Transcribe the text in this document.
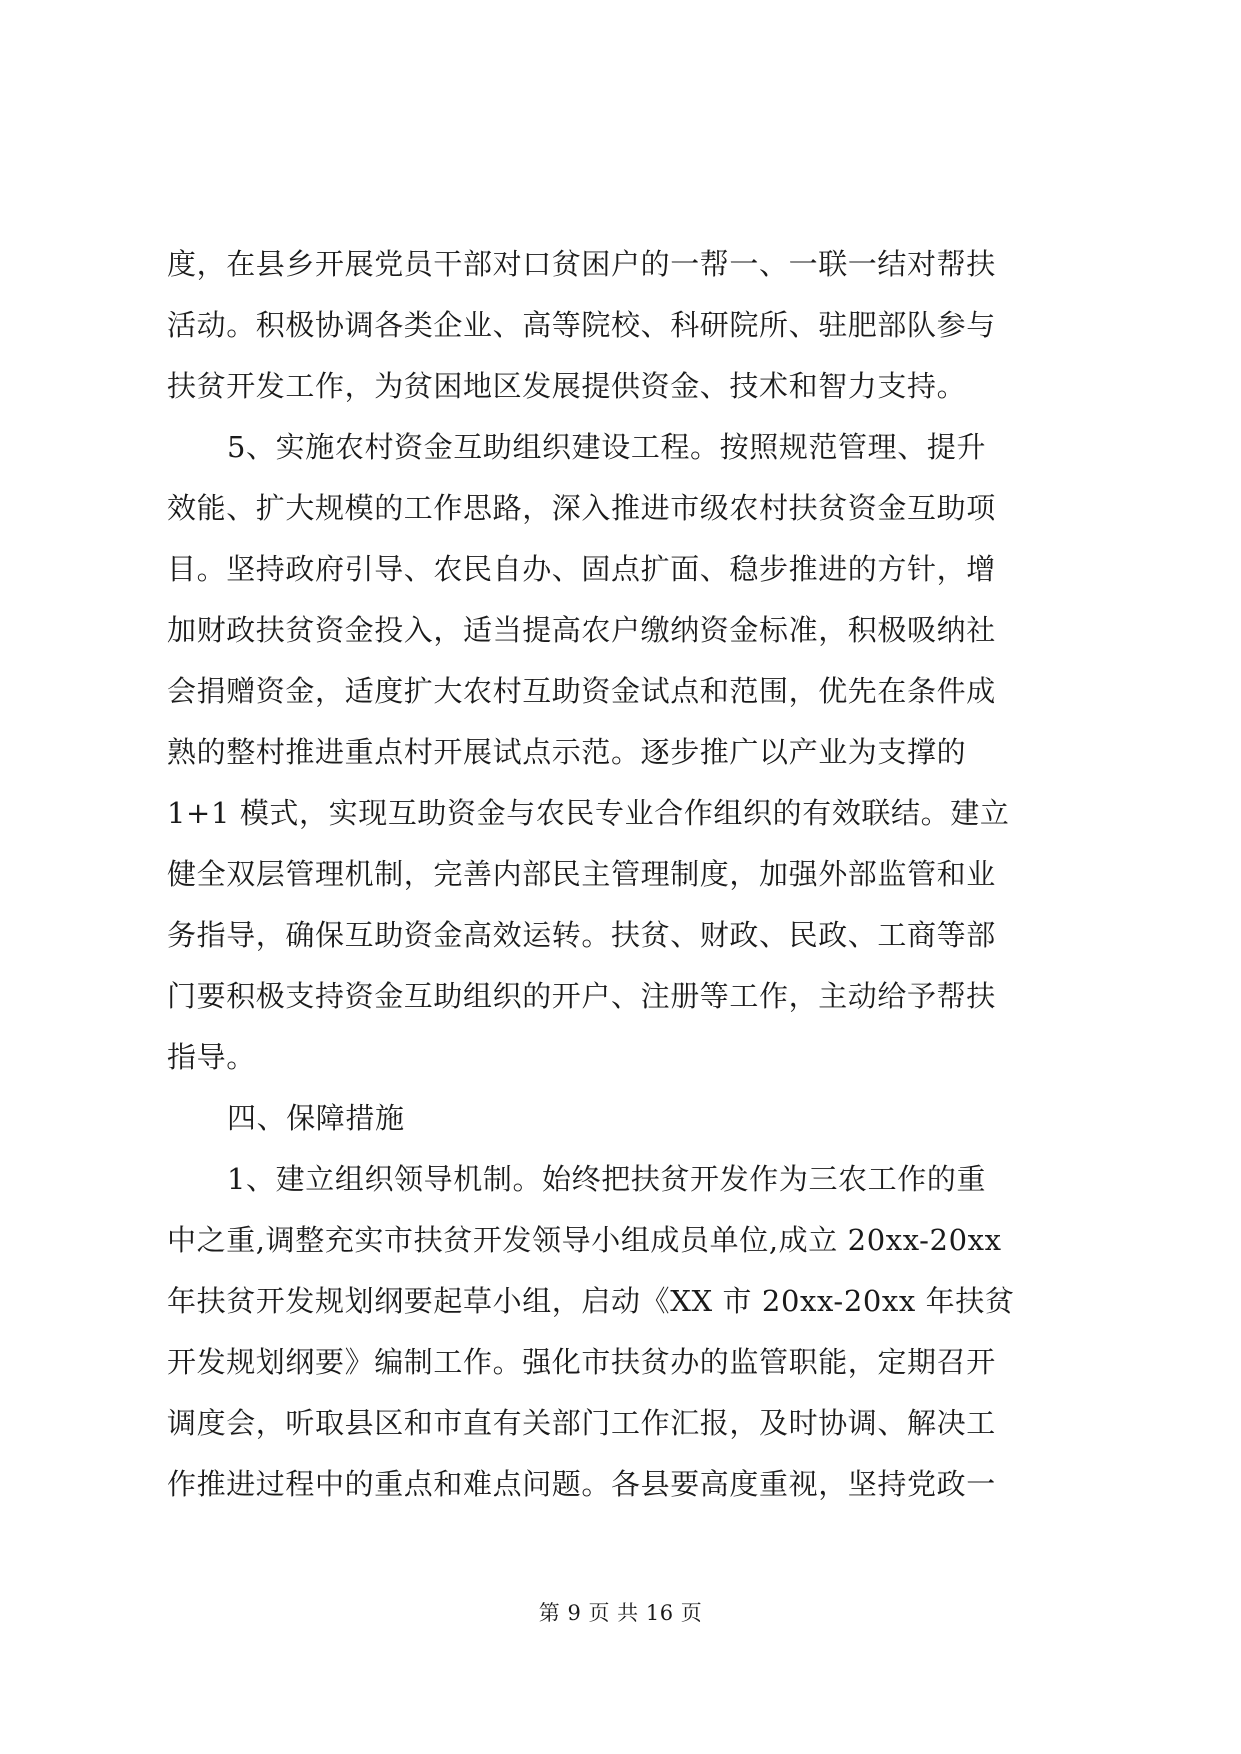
度，在县乡开展党员干部对口贫困户的一帮一、一联一结对帮扶
活动。积极协调各类企业、高等院校、科研院所、驻肥部队参与
扶贫开发工作，为贫困地区发展提供资金、技术和智力支持。
5、实施农村资金互助组织建设工程。按照规范管理、提升
效能、扩大规模的工作思路，深入推进市级农村扶贫资金互助项
目。坚持政府引导、农民自办、固点扩面、稳步推进的方针，增
加财政扶贫资金投入，适当提高农户缴纳资金标准，积极吸纳社
会捐赠资金，适度扩大农村互助资金试点和范围，优先在条件成
熟的整村推进重点村开展试点示范。逐步推广以产业为支撑的
1+1 模式，实现互助资金与农民专业合作组织的有效联结。建立
健全双层管理机制，完善内部民主管理制度，加强外部监管和业
务指导，确保互助资金高效运转。扶贫、财政、民政、工商等部
门要积极支持资金互助组织的开户、注册等工作，主动给予帮扶
指导。
四、保障措施
1、建立组织领导机制。始终把扶贫开发作为三农工作的重
中之重,调整充实市扶贫开发领导小组成员单位,成立 20xx-20xx
年扶贫开发规划纲要起草小组，启动《XX 市 20xx-20xx 年扶贫
开发规划纲要》编制工作。强化市扶贫办的监管职能，定期召开
调度会，听取县区和市直有关部门工作汇报，及时协调、解决工
作推进过程中的重点和难点问题。各县要高度重视，坚持党政一
第 9 页 共 16 页
